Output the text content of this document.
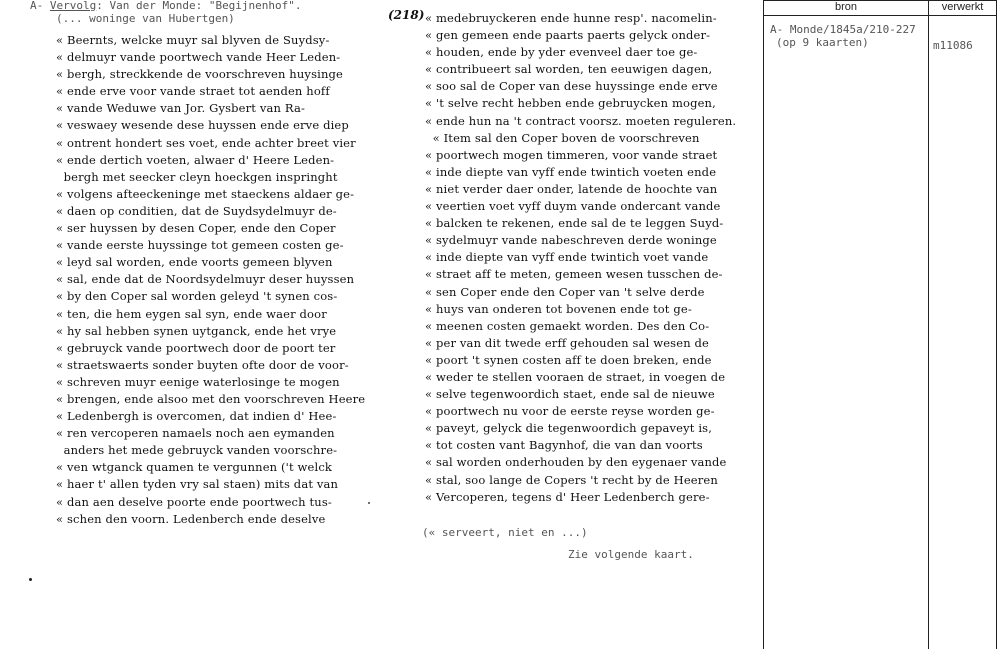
A- Vervolg: Van der Monde: "Begijnenhof".
(... woninge van Hubertgen)
« Beernts, welcke muyr sal blyven de Suydsy-
« delmuyr vande poortwech vande Heer Leden-
« bergh, streckkende de voorschreven huysinge
« ende erve voor vande straet tot aenden hoff
« vande Weduwe van Jor. Gysbert van Ra-
« veswaey wesende dese huyssen ende erve diep
« ontrent hondert ses voet, ende achter breet vier
« ende dertich voeten, alwaer d' Heere Leden-
bergh met seecker cleyn hoeckgen inspringht
« volgens afteeckeninge met staeckens aldaer ge-
« daen op conditien, dat de Suydsydelmuyr de-
« ser huyssen by desen Coper, ende den Coper
« vande eerste huyssinge tot gemeen costen ge-
« leyd sal worden, ende voorts gemeen blyven
« sal, ende dat de Noordsydelmuyr deser huyssen
« by den Coper sal worden geleyd 't synen cos-
« ten, die hem eygen sal syn, ende waer door
« hy sal hebben synen uytganck, ende het vrye
« gebruyck vande poortwech door de poort ter
« straetswaerts sonder buyten ofte door de voor-
« schreven muyr eenige waterlosinge te mogen
« brengen, ende alsoo met den voorschreven Heere
« Ledenbergh is overcomen, dat indien d' Hee-
« ren vercoperen namaels noch aen eymanden
anders het mede gebruyck vanden voorschre-
« ven wtganck quamen te vergunnen ('t welck
« haer t' allen tyden vry sal staen) mits dat van
« dan aen deselve poorte ende poortwech tus-
« schen den voorn. Ledenberch ende deselve
(218) « medebruyckeren ende hunne resp'. nacomelin-
« gen gemeen ende paarts paerts gelyck onder-
« houden, ende by yder evenveel daer toe ge-
« contribueert sal worden, ten eeuwigen dagen,
« soo sal de Coper van dese huyssinge ende erve
« 't selve recht hebben ende gebruycken mogen,
« ende hun na 't contract voorsz. moeten reguleren.
« Item sal den Coper boven de voorschreven
« poortwech mogen timmeren, voor vande straet
« inde diepte van vyff ende twintich voeten ende
« niet verder daer onder, latende de hoochte van
« veertien voet vyff duym vande ondercant vande
« balcken te rekenen, ende sal de te leggen Suyd-
« sydelmuyr vande nabeschreven derde woninge
« inde diepte van vyff ende twintich voet vande
« straet aff te meten, gemeen wesen tusschen de-
« sen Coper ende den Coper van 't selve derde
« huys van onderen tot bovenen ende tot ge-
« meenen costen gemaekt worden. Des den Co-
« per van dit twede erff gehouden sal wesen de
« poort 't synen costen aff te doen breken, ende
« weder te stellen vooraen de straet, in voegen de
« selve tegenwoordich staet, ende sal de nieuwe
« poortwech nu voor de eerste reyse worden ge-
« paveyt, gelyck die tegenwoordich gepaveyt is,
« tot costen vant Bagynhof, die van dan voorts
« sal worden onderhouden by den eygenaer vande
« stal, soo lange de Copers 't recht by de Heeren
« Vercoperen, tegens d' Heer Ledenberch gere-
(« serveert, niet en ...)
Zie volgende kaart.
bron	verwerkt
A- Monde/1845a/210-227
(op 9 kaarten)	m11086
